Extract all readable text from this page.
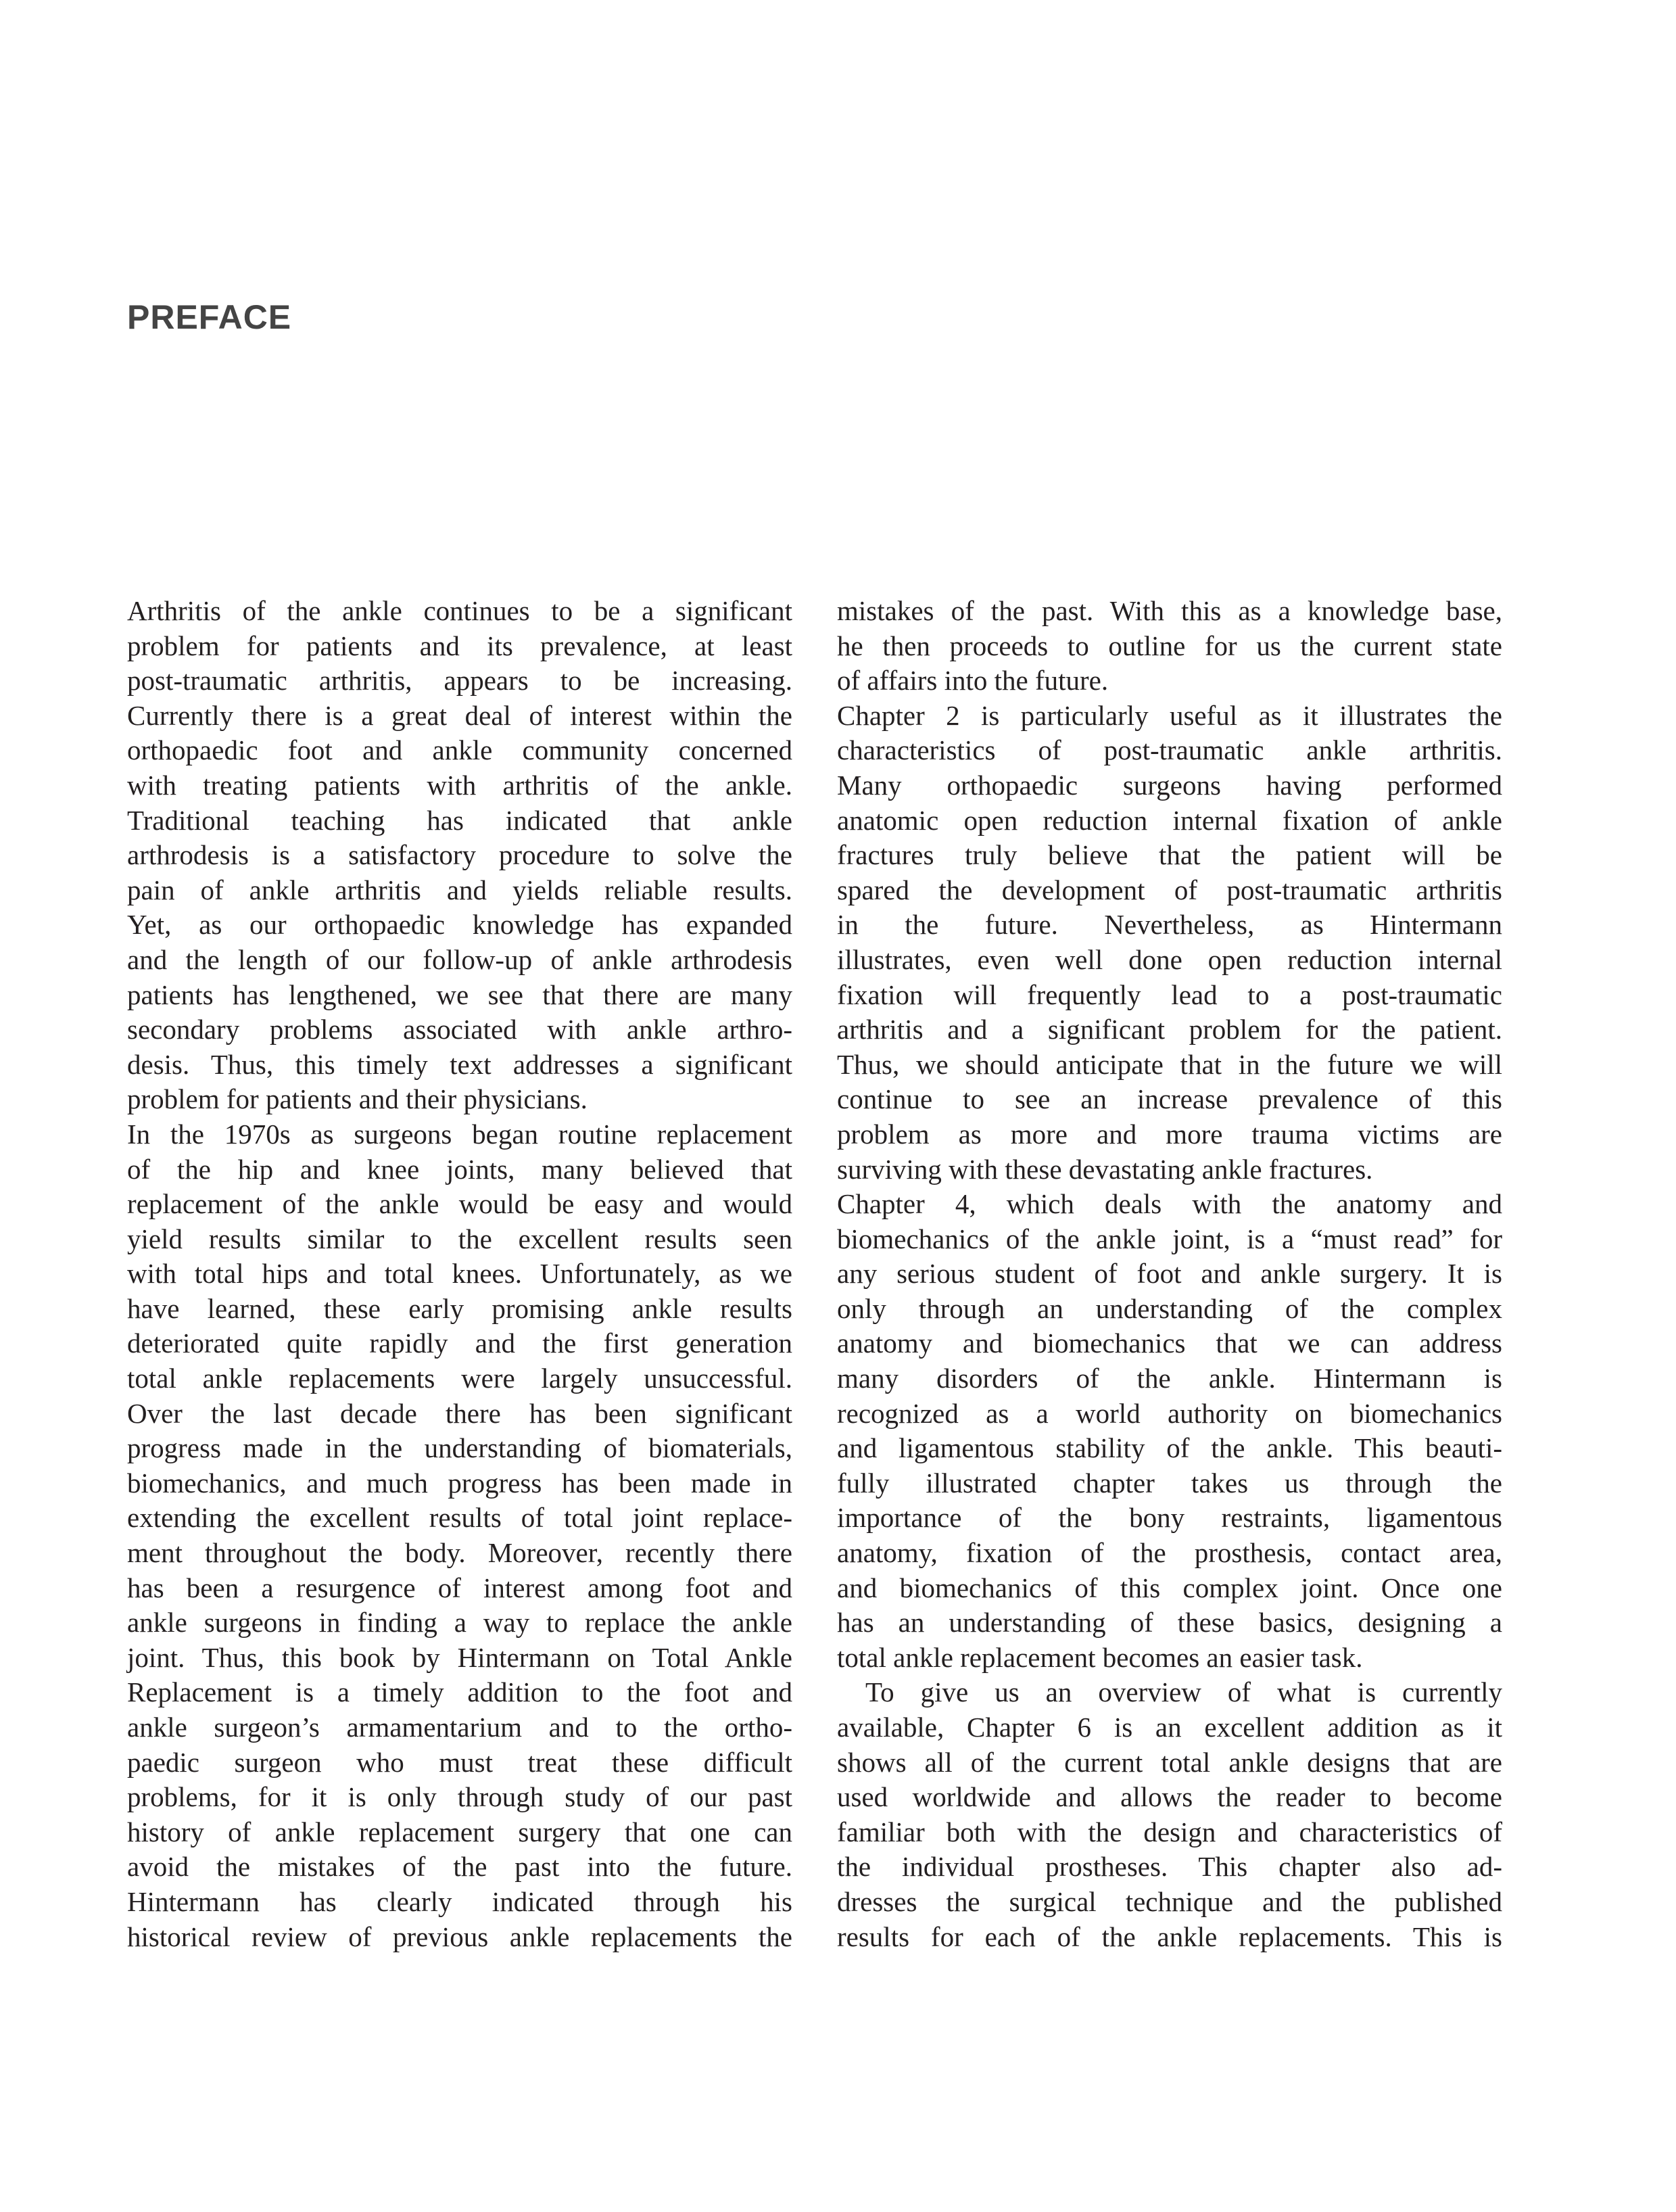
PREFACE
Arthritis of the ankle continues to be a significant
problem for patients and its prevalence, at least
post-traumatic arthritis, appears to be increasing.
Currently there is a great deal of interest within the
orthopaedic foot and ankle community concerned
with treating patients with arthritis of the ankle.
Traditional teaching has indicated that ankle
arthrodesis is a satisfactory procedure to solve the
pain of ankle arthritis and yields reliable results.
Yet, as our orthopaedic knowledge has expanded
and the length of our follow-up of ankle arthrodesis
patients has lengthened, we see that there are many
secondary problems associated with ankle arthro-
desis. Thus, this timely text addresses a significant
problem for patients and their physicians.
In the 1970s as surgeons began routine replacement
of the hip and knee joints, many believed that
replacement of the ankle would be easy and would
yield results similar to the excellent results seen
with total hips and total knees. Unfortunately, as we
have learned, these early promising ankle results
deteriorated quite rapidly and the first generation
total ankle replacements were largely unsuccessful.
Over the last decade there has been significant
progress made in the understanding of biomaterials,
biomechanics, and much progress has been made in
extending the excellent results of total joint replace-
ment throughout the body. Moreover, recently there
has been a resurgence of interest among foot and
ankle surgeons in finding a way to replace the ankle
joint. Thus, this book by Hintermann on Total Ankle
Replacement is a timely addition to the foot and
ankle surgeon’s armamentarium and to the ortho-
paedic surgeon who must treat these difficult
problems, for it is only through study of our past
history of ankle replacement surgery that one can
avoid the mistakes of the past into the future.
Hintermann has clearly indicated through his
historical review of previous ankle replacements the
mistakes of the past. With this as a knowledge base,
he then proceeds to outline for us the current state
of affairs into the future.
Chapter 2 is particularly useful as it illustrates the
characteristics of post-traumatic ankle arthritis.
Many orthopaedic surgeons having performed
anatomic open reduction internal fixation of ankle
fractures truly believe that the patient will be
spared the development of post-traumatic arthritis
in the future. Nevertheless, as Hintermann
illustrates, even well done open reduction internal
fixation will frequently lead to a post-traumatic
arthritis and a significant problem for the patient.
Thus, we should anticipate that in the future we will
continue to see an increase prevalence of this
problem as more and more trauma victims are
surviving with these devastating ankle fractures.
Chapter 4, which deals with the anatomy and
biomechanics of the ankle joint, is a “must read” for
any serious student of foot and ankle surgery. It is
only through an understanding of the complex
anatomy and biomechanics that we can address
many disorders of the ankle. Hintermann is
recognized as a world authority on biomechanics
and ligamentous stability of the ankle. This beauti-
fully illustrated chapter takes us through the
importance of the bony restraints, ligamentous
anatomy, fixation of the prosthesis, contact area,
and biomechanics of this complex joint. Once one
has an understanding of these basics, designing a
total ankle replacement becomes an easier task.
To give us an overview of what is currently
available, Chapter 6 is an excellent addition as it
shows all of the current total ankle designs that are
used worldwide and allows the reader to become
familiar both with the design and characteristics of
the individual prostheses. This chapter also ad-
dresses the surgical technique and the published
results for each of the ankle replacements. This is
